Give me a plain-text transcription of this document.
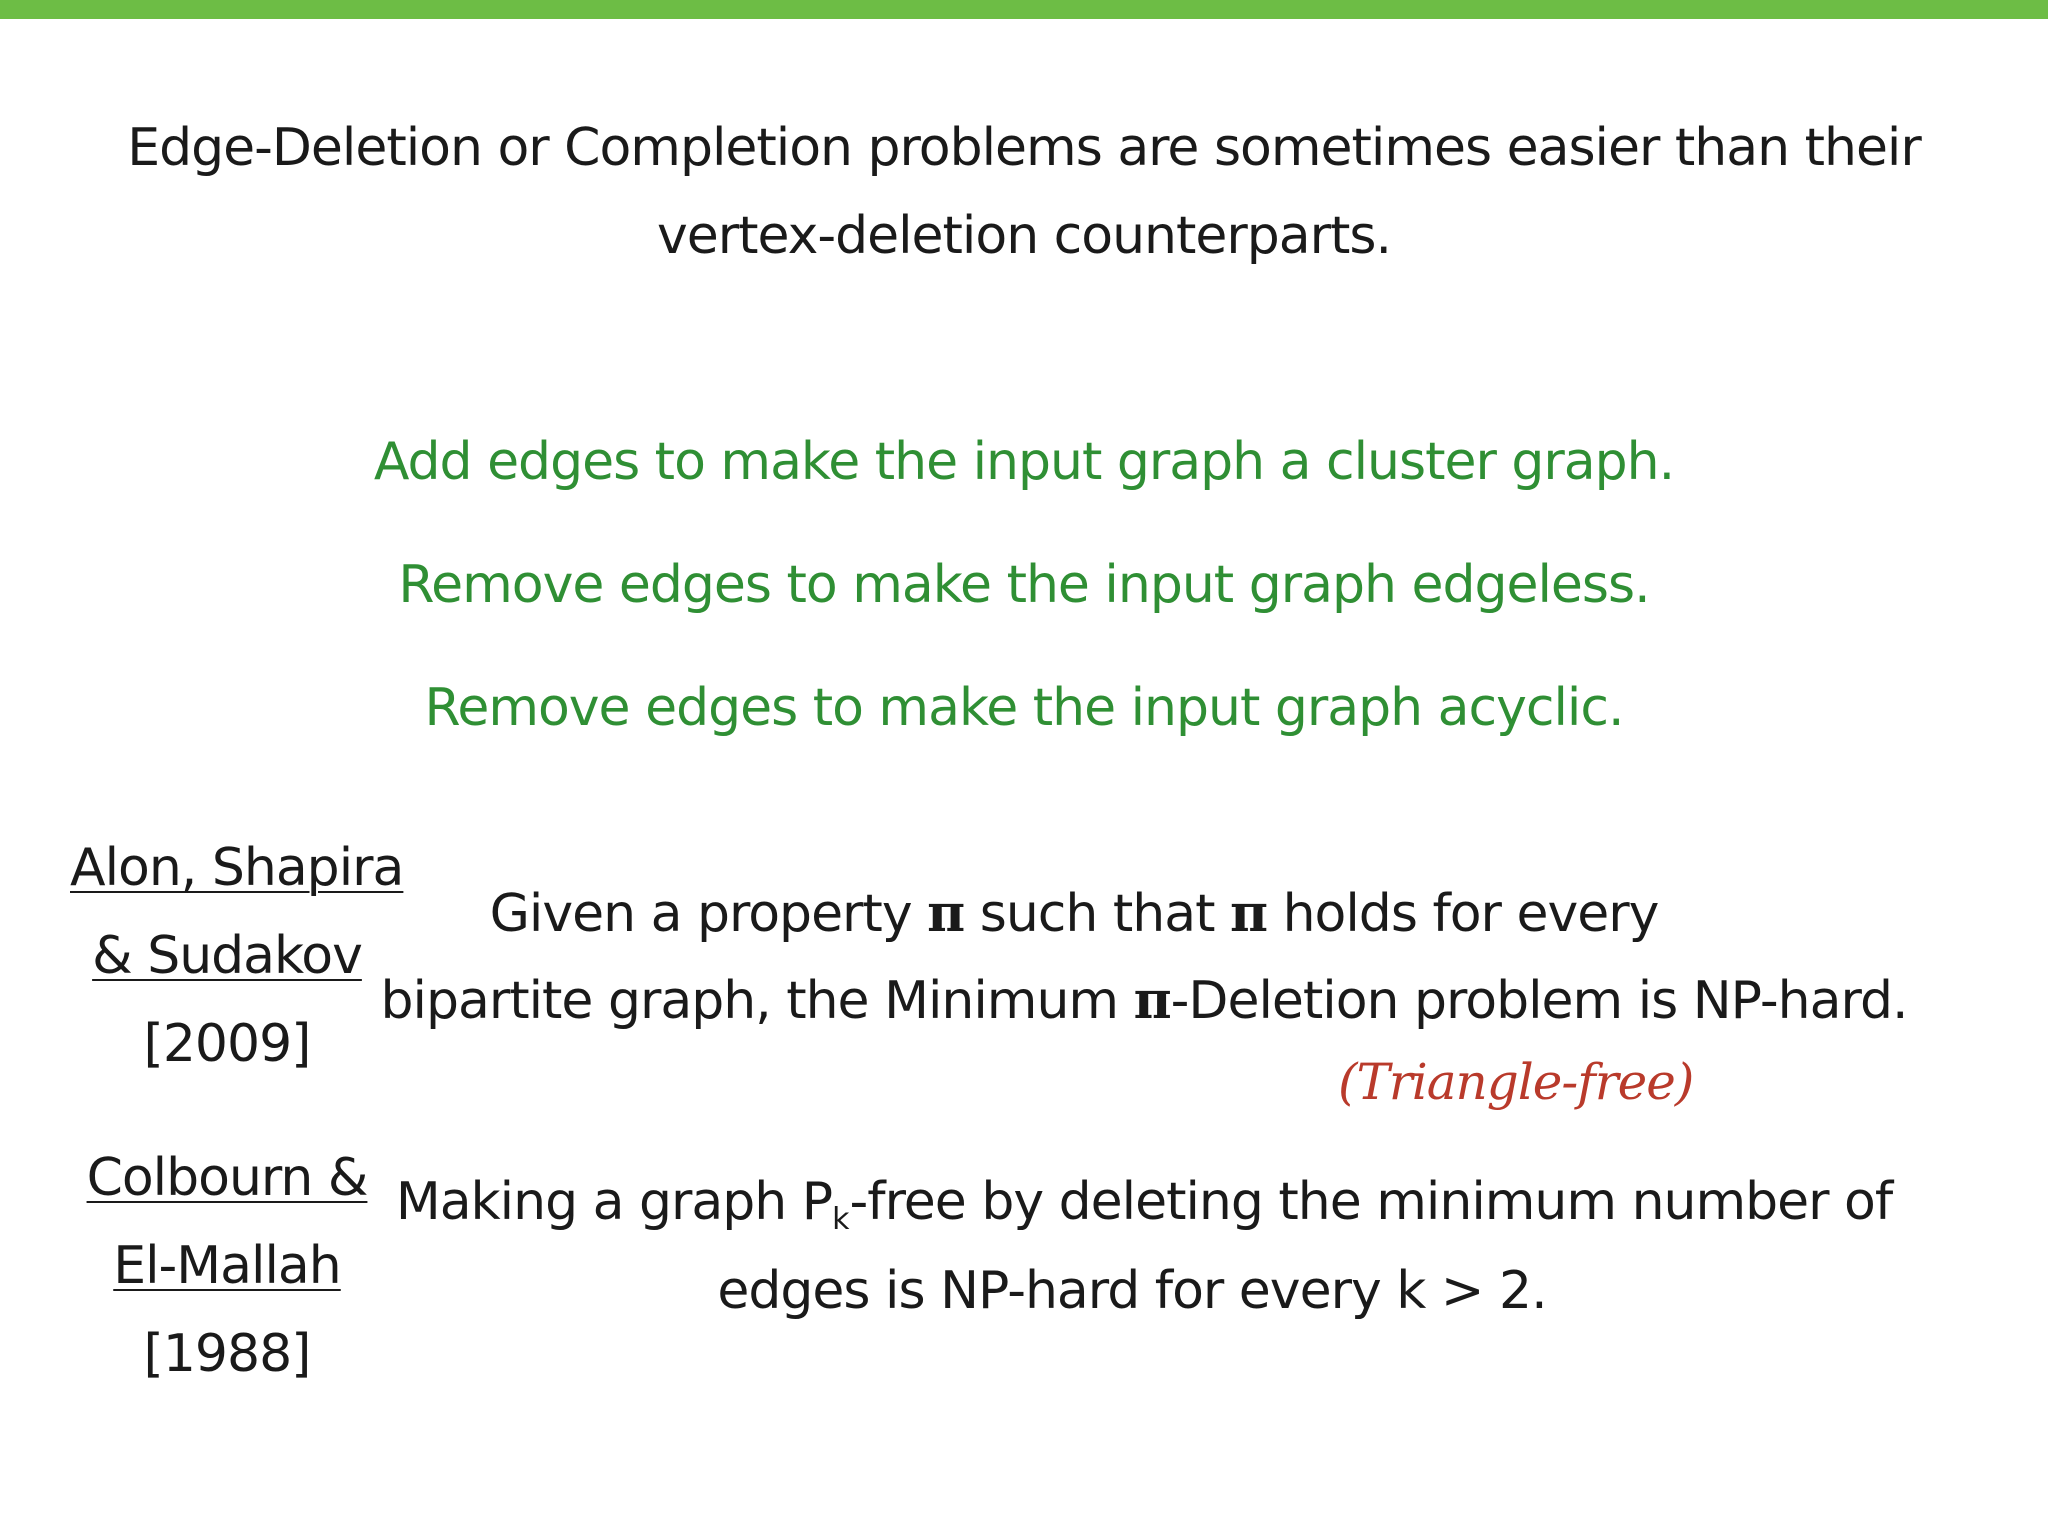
Edge-Deletion or Completion problems are sometimes easier than their
vertex-deletion counterparts.
Add edges to make the input graph a cluster graph.
Remove edges to make the input graph edgeless.
Remove edges to make the input graph acyclic.
Alon, Shapira
& Sudakov
[2009]
Given a property π such that π holds for every
bipartite graph, the Minimum π-Deletion problem is NP-hard.
(Triangle-free)
Colbourn &
El-Mallah
[1988]
Making a graph $P_k$-free by deleting the minimum number of
edges is NP-hard for every k > 2.
